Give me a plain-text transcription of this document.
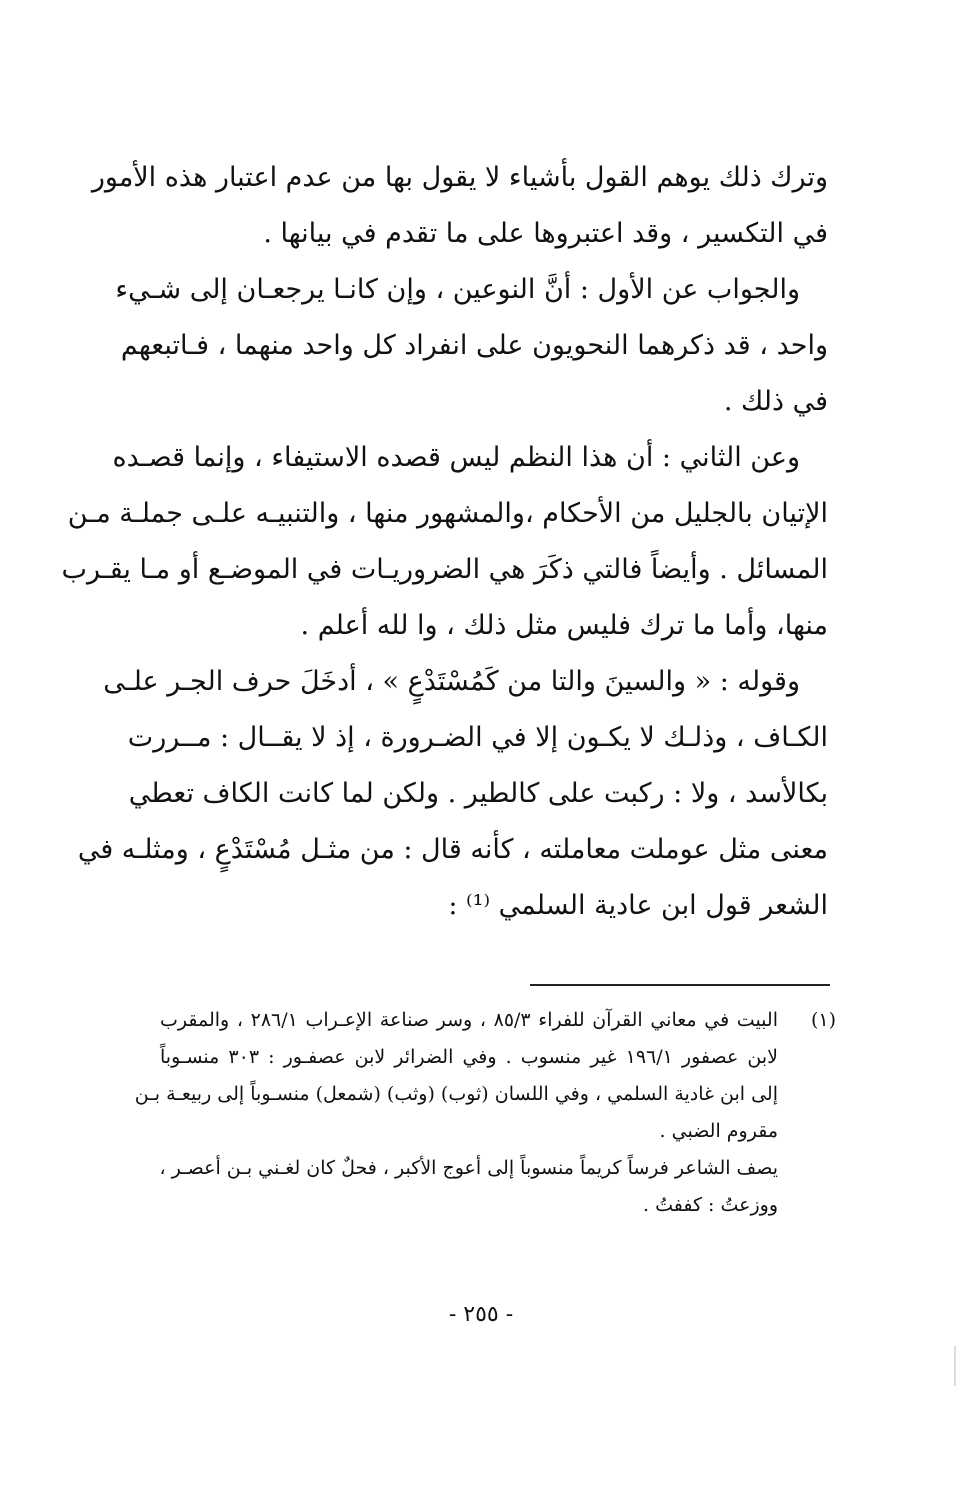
وترك ذلك يوهم القول بأشياء لا يقول بها من عدم اعتبار هذه الأمور
في التكسير ، وقد اعتبروها على ما تقدم في بيانها .
والجواب عن الأول : أنَّ النوعين ، وإن كانـا يرجعـان إلى شـيء
واحد ، قد ذكرهما النحويون على انفراد كل واحد منهما ، فـاتبعهم
في ذلك .
وعن الثاني : أن هذا النظم ليس قصده الاستيفاء ، وإنما قصـده
الإتيان بالجليل من الأحكام ،والمشهور منها ، والتنبيـه علـى جملـة مـن
المسائل . وأيضاً فالتي ذكَرَ هي الضروريـات في الموضـع أو مـا يقـرب
منها، وأما ما ترك فليس مثل ذلك ، وا لله أعلم .
وقوله : « والسينَ والتا من كَمُسْتَدْعٍ » ، أدخَلَ حرف الجـر علـى
الكـاف ، وذلـك لا يكـون إلا في الضـرورة ، إذ لا يقــال : مــررت
بكالأسد ، ولا : ركبت على كالطير . ولكن لما كانت الكاف تعطي
معنى مثل عوملت معاملته ، كأنه قال : من مثـل مُسْتَدْعٍ ، ومثلـه في
الشعر قول ابن عادية السلمي ⁽¹⁾ :
(١)
البيت في معاني القرآن للفراء ٨٥/٣ ، وسر صناعة الإعـراب ٢٨٦/١ ، والمقرب
لابن عصفور ١٩٦/١ غير منسوب . وفي الضرائر لابن عصفـور : ٣٠٣ منسـوباً
إلى ابن غادية السلمي ، وفي اللسان (ثوب) (وثب) (شمعل) منسـوباً إلى ربيعـة بـن
مقروم الضبي .
يصف الشاعر فرساً كريماً منسوباً إلى أعوج الأكبر ، فحلٌ كان لغـني بـن أعصـر ،
ووزعتُ : كففتُ .
- ٢٥٥ -
